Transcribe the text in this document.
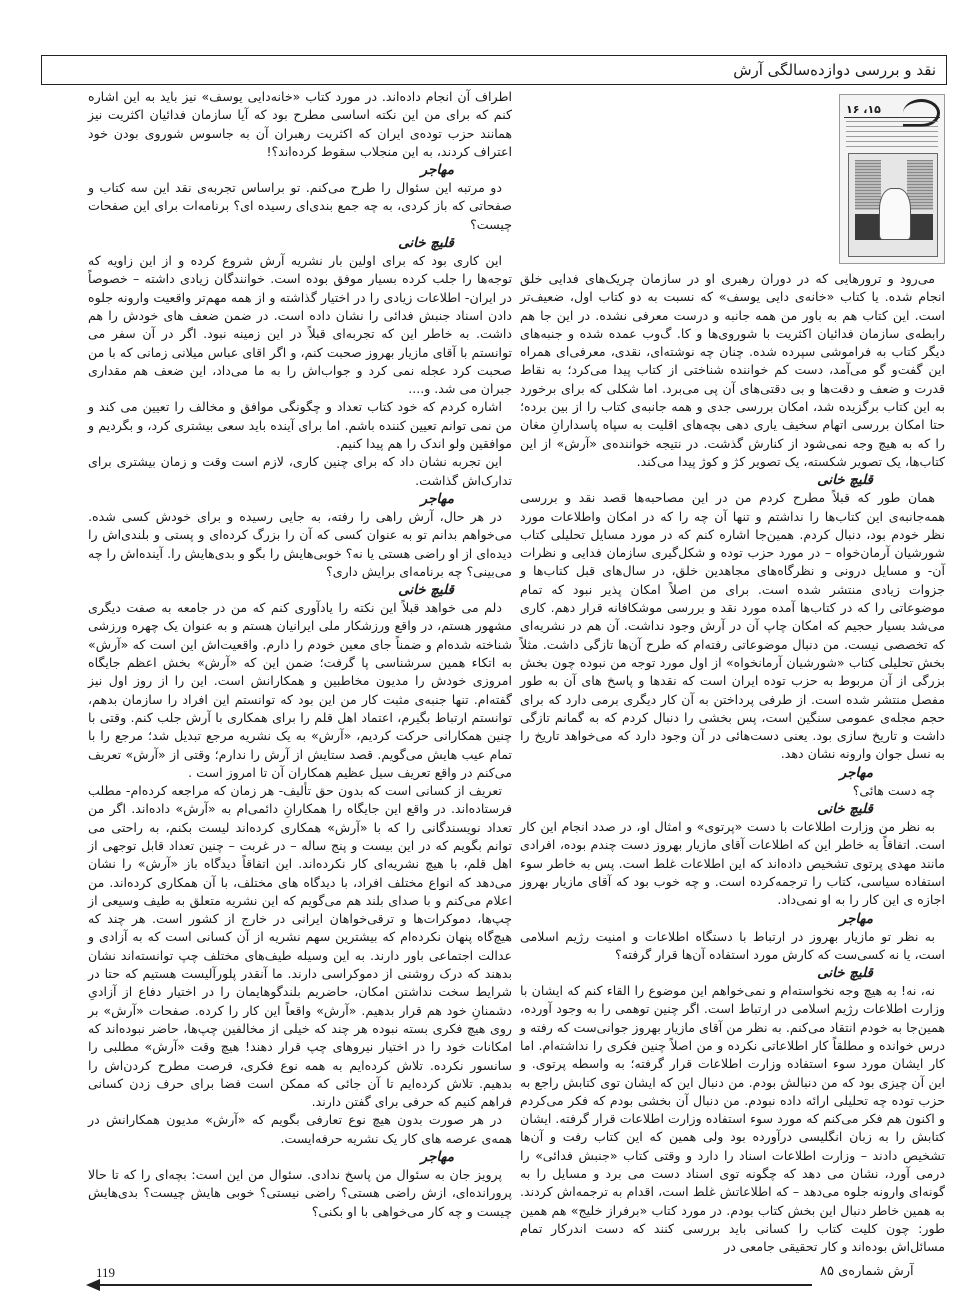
نقد و بررسی دوازده‌سالگی آرش
۱۵، ۱۶

می‌رود و ترورهایی که در دوران رهبری او در سازمان چریک‌های فدایی خلق انجام شده. یا کتاب «خانه‌ی دایی یوسف» که نسبت به دو کتاب اول، ضعیف‌تر است. این کتاب هم به باور من همه جانبه و درست معرفی نشده. در این جا هم رابطه‌ی سازمان فدائیان اکثریت با شوروی‌ها و کا. گ‌وب عمده شده و جنبه‌های دیگر کتاب به فراموشی سپرده شده. چنان چه نوشته‌ای، نقدی، معرفی‌ای همراه این گفت‌و گو می‌آمد، دست کم خواننده شناختی از کتاب پیدا می‌کرد؛ به نقاط قدرت و ضعف و دقت‌ها و بی دقتی‌های آن پی می‌برد. اما شکلی که برای برخورد به این کتاب برگزیده شد، امکان بررسی جدی و همه جانبه‌ی کتاب را از بین برده؛ حتا امکان بررسی اتهام سخیف یاری دهی بچه‌های اقلیت به سپاه پاسدارانِ مغان را که به هیچ وجه نمی‌شود از کنارش گذشت. در نتیجه خواننده‌ی «آرش» از این کتاب‌ها، یک تصویر شکسته، یک تصویر کژ و کوژ پیدا می‌کند.

قلیچ خانی

همان طور که قبلاً مطرح کردم من در این مصاحبه‌ها قصد نقد و بررسی همه‌جانبه‌ی این کتاب‌ها را نداشتم و تنها آن چه را که در امکان واطلاعات مورد نظر خودم بود، دنبال کردم. همین‌جا اشاره کنم که در مورد مسایل تحلیلی کتاب شورشیان آرمان‌خواه – در مورد حزب توده و شکل‌گیری سازمان فدایی و نظرات آن- و مسایل درونی و نظرگاه‌های مجاهدین خلق، در سال‌های قبل کتاب‌ها و جزوات زیادی منتشر شده است. برای من اصلاً امکان پذیر نبود که تمام موضوعاتی را که در کتاب‌ها آمده مورد نقد و بررسی موشکافانه قرار دهم. کاری می‌شد بسیار حجیم که امکان چاپ آن در آرش وجود نداشت. آن هم در نشریه‌ای که تخصصی نیست. من دنبال موضوعاتی رفته‌ام که طرح آن‌ها تازگی داشت. مثلاً بخش تحلیلی کتاب «شورشیان آرمانخواه» از اول مورد توجه من نبوده چون بخش بزرگی از آن مربوط به حزب توده ایران است که نقدها و پاسخ های آن به طور مفصل منتشر شده است. از طرفی پرداختن به آن کار دیگری برمی دارد که برای حجم مجله‌ی عمومی سنگین است، پس بخشی را دنبال کردم که به گمانم تازگی داشت و تاریخ سازی بود. یعنی دست‌هائی در آن وجود دارد که می‌خواهد تاریخ را به نسل جوان وارونه نشان دهد.

مهاجر

چه دست هائی؟

قلیچ خانی

به نظر من وزارت اطلاعات با دست «پرتوی» و امثال او، در صدد انجام این کار است. اتفاقاً به خاطر این که اطلاعات آقای مازیار بهروز دست چندم بوده، افرادی مانند مهدی پرتوی تشخیص داده‌اند که این اطلاعات غلط است. پس به خاطر سوء استفاده سیاسی، کتاب را ترجمه‌کرده است. و چه خوب بود که آقای مازیار بهروز اجازه ی این کار را به او نمی‌داد.

مهاجر

به نظر تو مازیار بهروز در ارتباط با دستگاه اطلاعات و امنیت رژیم اسلامی است، یا نه کسی‌ست که کارش مورد استفاده آن‌ها قرار گرفته؟

قلیچ خانی

نه، نه! به هیچ وجه نخواسته‌ام و نمی‌خواهم این موضوع را القاء کنم که ایشان با وزارت اطلاعات رژیم اسلامی در ارتباط است. اگر چنین توهمی را به وجود آورده، همین‌جا به خودم انتقاد می‌کنم. به نظر من آقای مازیار بهروز جوانی‌ست که رفته و درس خوانده و مطلقاً کار اطلاعاتی نکرده و من اصلاً چنین فکری را نداشته‌ام. اما کار ایشان مورد سوء استفاده وزارت اطلاعات قرار گرفته؛ به واسطه پرتوی. و این آن چیزی بود که من دنبالش بودم. من دنبال این که ایشان توی کتابش راجع به حزب توده چه تحلیلی ارائه داده نبودم. من دنبال آن بخشی بودم که فکر می‌کردم و اکنون هم فکر می‌کنم که مورد سوء استفاده وزارت اطلاعات قرار گرفته. ایشان کتابش را به زبان انگلیسی درآورده بود ولی همین که این کتاب رفت و آن‌ها تشخیص دادند – وزارت اطلاعات اسناد را دارد و وقتی کتاب «جنبش فدائی» را درمی آورد، نشان می دهد که چگونه توی اسناد دست می برد و مسایل را به گونه‌ای وارونه جلوه می‌دهد – که اطلاعاتش غلط است، اقدام به ترجمه‌اش کردند. به همین خاطر دنبال این بخش کتاب بودم. در مورد کتاب «برفراز خلیج» هم همین طور: چون کلیت کتاب را کسانی باید بررسی کنند که دست اندرکار تمام مسائل‌اش بوده‌اند و کار تحقیقی جامعی در

اطراف آن انجام داده‌اند. در مورد کتاب «خانه‌دایی یوسف» نیز باید به این اشاره کنم که برای من این نکته اساسی مطرح بود که آیا سازمان فدائیان اکثریت نیز همانند حزب توده‌ی ایران که اکثریت رهبران آن به جاسوس شوروی بودن خود اعتراف کردند، به این منجلاب سقوط کرده‌اند؟!

مهاجر

دو مرتبه این سئوال را طرح می‌کنم. تو براساس تجربه‌ی نقد این سه کتاب و صفحاتی که باز کردی، به چه جمع بندی‌ای رسیده ای؟ برنامه‌ات برای این صفحات چیست؟

قلیچ خانی

این کاری بود که برای اولین بار نشریه آرش شروع کرده و از این زاویه که توجه‌ها را جلب کرده بسیار موفق بوده است. خوانندگان زیادی داشته – خصوصاً در ایران- اطلاعات زیادی را در اختیار گذاشته و از همه مهم‌تر واقعیت وارونه جلوه دادن اسناد جنبش فدائی را نشان داده است. در ضمن ضعف های خودش را هم داشت. به خاطر این که تجربه‌ای قبلاً در این زمینه نبود. اگر در آن سفر می توانستم با آقای مازیار بهروز صحبت کنم، و اگر اقای عباس میلانی زمانی که با من صحبت کرد عجله نمی کرد و جواب‌اش را به ما می‌داد، این ضعف هم مقداری جبران می شد. و....

اشاره کردم که خود کتاب تعداد و چگونگی موافق و مخالف را تعیین می کند و من نمی توانم تعیین کننده باشم. اما برای آینده باید سعی بیشتری کرد، و بگردیم و موافقین ولو اندک را هم پیدا کنیم.

این تجربه نشان داد که برای چنین کاری، لازم است وقت و زمان بیشتری برای تدارک‌اش گذاشت.

مهاجر

در هر حال، آرش راهی را رفته، به جایی رسیده و برای خودش کسی شده. می‌خواهم بدانم تو به عنوان کسی که آن را بزرگ کرده‌ای و پستی و بلندی‌اش را دیده‌ای از او راضی هستی یا نه؟ خوبی‌هایش را بگو و بدی‌هایش را. آینده‌اش را چه می‌بینی؟ چه برنامه‌ای برایش داری؟

قلیچ خانی

دلم می خواهد قبلاً این نکته را یادآوری کنم که من در جامعه به صفت دیگری مشهور هستم، در واقع ورزشکار ملی ایرانیان هستم و به عنوان یک چهره ورزشی شناخته شده‌ام و ضمناً جای معین خودم را دارم. واقعیت‌اش این است که «آرش» به اتکاء همین سرشناسی پا گرفت؛ ضمن این که «آرش» بخش اعظم جایگاه امروزی خودش را مدیون مخاطبین و همکارانش است. این را از روز اول نیز گفته‌ام. تنها جنبه‌ی مثبت کار من این بود که توانستم این افراد را سازمان بدهم، توانستم ارتباط بگیرم، اعتماد اهل قلم را برای همکاری با آرش جلب کنم. وقتی با چنین همکارانی حرکت کردیم، «آرش» به یک نشریه مرجع تبدیل شد؛ مرجع را با تمام عیب هایش می‌گویم. قصد ستایش از آرش را ندارم؛ وقتی از «آرش» تعریف می‌کنم در واقع تعریف سیل عظیم همکاران آن تا امروز است .

تعریف از کسانی است که بدون حق تألیف- هر زمان که مراجعه کرده‌ام- مطلب فرستاده‌اند. در واقع این جایگاه را همکارانِ دائمی‌ام به «آرش» داده‌اند. اگر من تعداد نویسندگانی را که با «آرش» همکاری کرده‌اند لیست بکنم، به راحتی می توانم بگویم که در این بیست و پنج ساله – در غربت – چنین تعداد قابل توجهی از اهل قلم، با هیچ نشریه‌ای کار نکرده‌اند. این اتفاقاً دیدگاه باز «آرش» را نشان می‌دهد که انواع مختلف افراد، با دیدگاه های مختلف، با آن همکاری کرده‌اند. من اعلام می‌کنم و با صدای بلند هم می‌گویم که این نشریه متعلق به طیف وسیعی از چپ‌ها، دموکرات‌ها و ترقی‌خواهان ایرانی در خارج از کشور است. هر چند که هیچ‌گاه پنهان نکرده‌ام که بیشترین سهم نشریه از آن کسانی است که به آزادی و عدالت اجتماعی باور دارند. به این وسیله طیف‌های مختلف چپ توانسته‌اند نشان بدهند که درک روشنی از دموکراسی دارند. ما آنقدر پلورآلیست هستیم که حتا در شرایط سخت نداشتن امکان، حاضریم بلندگوهایمان را در اختیار دفاع از آزادیِ دشمنانِ خود هم قرار بدهیم. «آرش» واقعاً این کار را کرده. صفحات «آرش» بر روی هیچ فکری بسته نبوده هر چند که خیلی از مخالفین چپ‌ها، حاضر نبوده‌اند که امکانات خود را در اختیار نیروهای چپ قرار دهند! هیچ وقت «آرش» مطلبی را سانسور نکرده. تلاش کرده‌ایم به همه نوع فکری، فرصت مطرح کردن‌اش را بدهیم. تلاش کرده‌ایم تا آن جائی که ممکن است فضا برای حرف زدن کسانی فراهم کنیم که حرفی برای گفتن دارند.

در هر صورت بدون هیچ نوع تعارفی بگویم که «آرش» مدیون همکارانش در همه‌ی عرصه های کار یک نشریه حرفه‌ایست.

مهاجر

پرویز جان به سئوال من پاسخ ندادی. سئوال من این است: بچه‌ای را که تا حالا پرورانده‌ای، ازش راضی هستی؟ راضی نیستی؟ خوبی هایش چیست؟ بدی‌هایش چیست و چه کار می‌خواهی با او بکنی؟

119	آرش شماره‌ی ۸۵
